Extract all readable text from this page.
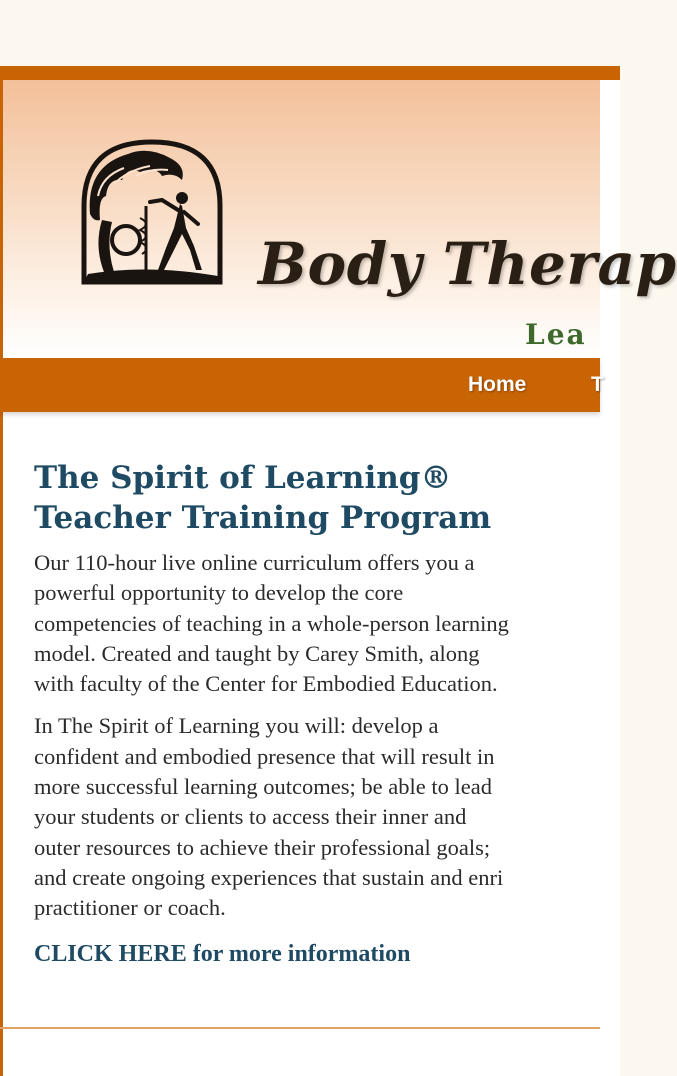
Body Therap
Lea
Home	T
The Spirit of Learning®
Teacher Training Program

Our 110-hour live online curriculum offers you a
powerful opportunity to develop the core
competencies of teaching in a whole-person learning
model. Created and taught by Carey Smith, along
with faculty of the Center for Embodied Education.

In The Spirit of Learning you will: develop a
confident and embodied presence that will result in
more successful learning outcomes; be able to lead
your students or clients to access their inner and
outer resources to achieve their professional goals;
and create ongoing experiences that sustain and enri
practitioner or coach.

CLICK HERE for more information
